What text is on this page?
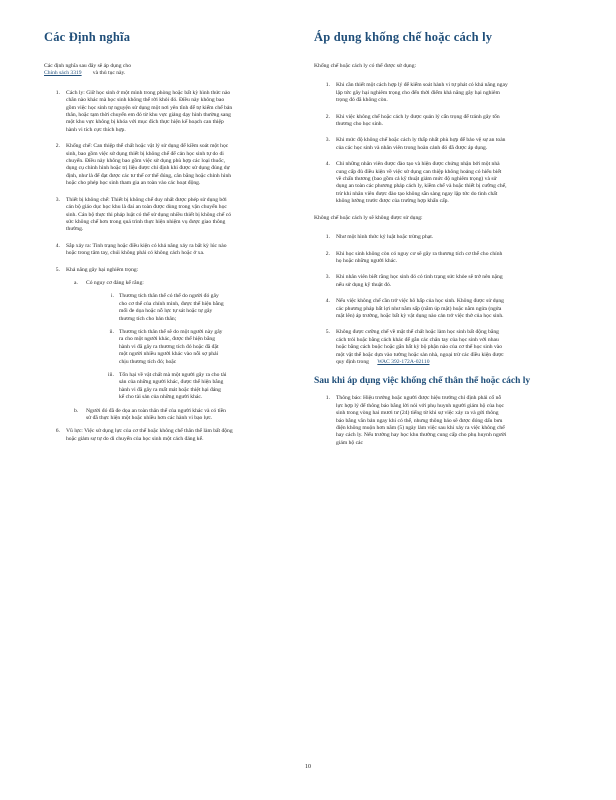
Các Định nghĩa

Các định nghĩa sau đây sẽ áp dụng cho
Chính sách 3319 và thủ tục này.

1.	Cách ly: Giữ học sinh ở một mình trong phòng hoặc bất kỳ hình thức nào chăn nào khác mà học sinh không thể rời khỏi đó. Điều này không bao gồm việc học sinh tự nguyện sử dụng một nơi yên tĩnh để tự kiểm chế bản thân, hoặc tạm thời chuyển em đó từ khu vực giảng dạy hình thường sang một khu vực không bị khóa với mục đích thực hiện kế hoạch can thiệp hành vi tích cực thích hợp.
2.	Khống chế: Can thiệp thể chất hoặc vật lý sử dụng để kiềm soát một học sinh, bao gồm việc sử dụng thiết bị không chế để cản học sinh tự do di chuyển. Điều này không bao gồm việc sử dụng phù hợp các loại thuốc, dụng cụ chỉnh hình hoặc trị liệu được chỉ định khi được sử dụng đúng dự định, như là để đạt được các tư thế cơ thể đúng, cân bằng hoặc chỉnh hình hoặc cho phép học sinh tham gia an toàn vào các hoạt động.
3.	Thiết bị không chế: Thiết bị không chế duy nhất được phép sử dụng bởi cán bộ giáo dục học khu là đai an toàn được dùng trong vận chuyển học sinh. Cán bộ thực thi pháp luật có thể sử dụng nhiều thiết bị không chế có sức không chế hơn trong quá trình thực hiện nhiệm vụ được giao thông thường.
4.	Sắp xảy ra: Tình trạng hoặc điều kiện có khả năng xảy ra bất kỳ lúc nào hoặc trong tâm tay, chúi không phải có không cách hoặc ở xa.
5.	Khả năng gây hại nghiêm trọng:
a.	Có nguy cơ đáng kể rằng:
i. Thương tích thân thể có thể do người đó gây cho cơ thể của chính mình, được thể hiện bằng mối đe dọa hoặc nỗ lực tự sát hoặc tự gây thương tích cho bản thân;
ii. Thương tích thân thể sẽ do một người này gây ra cho một người khác, được thể hiện bằng hành vi đã gây ra thương tích đó hoặc đã đặt một người nhiều người khác vào nỗi sợ phải chịu thương tích đó; hoặc
iii. Tổn hại về vật chất mà một người gây ra cho tài sản của những người khác, được thể hiện bằng hành vi đã gây ra mất mát hoặc thiệt hại đáng kể cho tài sản của những người khác.
b.	Người đó đã đe dọa an toàn thân thể của người khác và có tiền sử đã thực hiện một hoặc nhiều hơn các hành vi bạo lực.
6.	Vũ lực: Việc sử dụng lực của cơ thể hoặc không chế thân thể làm bất động hoặc giảm sự tự do di chuyển của học sinh một cách đáng kể.
Áp dụng khống chế hoặc cách ly

Khống chế hoặc cách ly có thể được sử dụng:

1.	Khi cần thiết một cách hợp lý để kiểm soát hành vi tự phát có khả năng ngay lập tức gây hại nghiêm trọng cho đến thời điểm khả năng gây hại nghiêm trọng đó đã không còn.
2.	Khi việc không chế hoặc cách ly được quản lý cẩn trọng để tránh gây tổn thương cho học sinh.
3.	Khi mức độ không chế hoặc cách ly thấp nhất phù hợp để bảo vệ sự an toàn của các học sinh và nhân viên trong hoàn cảnh đó đã được áp dụng.
4.	Chỉ những nhân viên được đào tạo và hiện được chứng nhận bởi một nhà cung cấp đủ điều kiện về việc sử dụng can thiệp không hoảng có hiểu biết về chấn thương (bao gồm cả kỹ thuật giảm mức độ nghiêm trọng) và sử dụng an toàn các phương pháp cách ly, kiềm chế và hoặc thiết bị cưỡng chế, trừ khi nhân viên được đào tạo không sẵn sàng ngay lập tức do tình chất không lường trước được của trường hợp khẩn cấp.

Không chế hoặc cách ly sẽ không được sử dụng:

1.	Như một hình thức kỷ luật hoặc trừng phạt.
2.	Khi học sinh không còn có nguy cơ sẽ gây ra thương tích cơ thể cho chính họ hoặc những người khác.
3.	Khi nhân viên biết rằng học sinh đó có tình trạng sức khỏe sẽ trở nên nặng nếu sử dụng kỹ thuật đó.
4.	Nếu việc không chế cần trở việc hô hấp của học sinh. Không được sử dụng các phương pháp bất lợi như nằm sấp (nằm úp mặt) hoặc nằm ngửa (ngửa mặt lên) áp trường, hoặc bất kỳ vật dụng nào cản trở việc thở của học sinh.
5.	Không được cưỡng chế về mặt thể chất hoặc làm học sinh bất động bằng cách trói hoặc bằng cách khác để gắn các chân tay của học sinh với nhau hoặc bằng cách buộc hoặc gắn bất kỳ bộ phận nào của cơ thể học sinh vào một vật thể hoặc dựa vào tường hoặc sàn nhà, ngoại trừ các điều kiện được quy định trong WAC 392-172A-02110
Sau khi áp dụng việc khống chế thân thể hoặc cách ly
1.	Thông báo: Hiệu trưởng hoặc người được hiệu trưởng chỉ định phải cố nỗ lực hợp lý để thông báo bằng lời nói với phụ huynh người giám hộ của học sinh trong vòng hai mươi tư (24) tiếng từ khi sự việc xảy ra và gửi thông báo bằng văn bản ngay khi có thể, nhưng thông báo sẽ được đóng dấu bưu điện không muộn hơn năm (5) ngày làm việc sau khi xảy ra việc không chế hay cách ly. Nếu trường hay học khu thường cung cấp cho phụ huynh người giám hộ các
10
